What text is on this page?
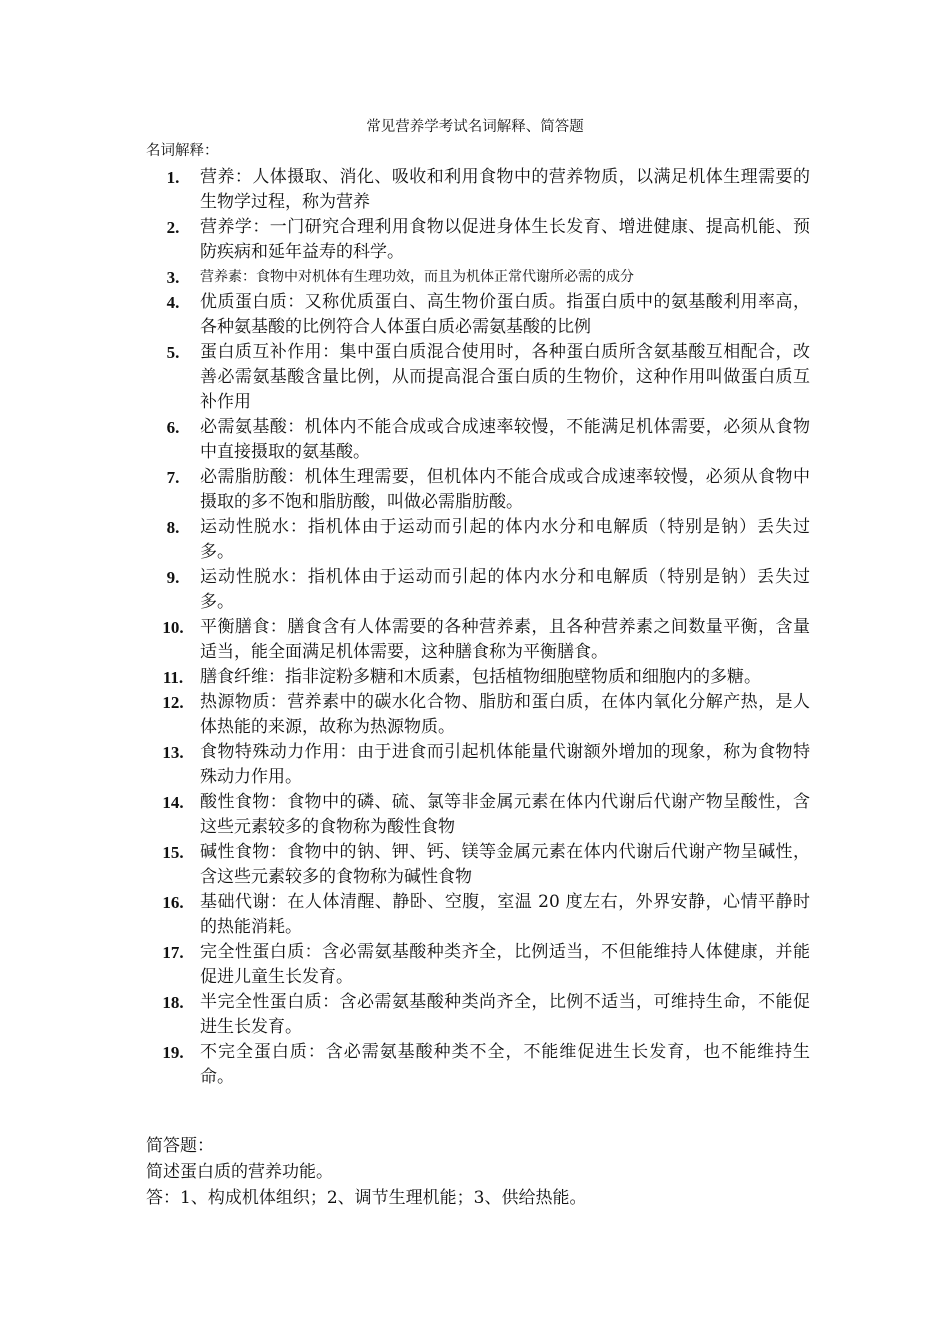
常见营养学考试名词解释、简答题
名词解释：
1.	营养：人体摄取、消化、吸收和利用食物中的营养物质，以满足机体生理需要的生物学过程，称为营养
2.	营养学：一门研究合理利用食物以促进身体生长发育、增进健康、提高机能、预防疾病和延年益寿的科学。
3.	营养素：食物中对机体有生理功效，而且为机体正常代谢所必需的成分
4.	优质蛋白质：又称优质蛋白、高生物价蛋白质。指蛋白质中的氨基酸利用率高，各种氨基酸的比例符合人体蛋白质必需氨基酸的比例
5.	蛋白质互补作用：集中蛋白质混合使用时，各种蛋白质所含氨基酸互相配合，改善必需氨基酸含量比例，从而提高混合蛋白质的生物价，这种作用叫做蛋白质互补作用
6.	必需氨基酸：机体内不能合成或合成速率较慢，不能满足机体需要，必须从食物中直接摄取的氨基酸。
7.	必需脂肪酸：机体生理需要，但机体内不能合成或合成速率较慢，必须从食物中摄取的多不饱和脂肪酸，叫做必需脂肪酸。
8.	运动性脱水：指机体由于运动而引起的体内水分和电解质（特别是钠）丢失过多。
9.	运动性脱水：指机体由于运动而引起的体内水分和电解质（特别是钠）丢失过多。
10. 平衡膳食：膳食含有人体需要的各种营养素，且各种营养素之间数量平衡，含量适当，能全面满足机体需要，这种膳食称为平衡膳食。
11. 膳食纤维：指非淀粉多糖和木质素，包括植物细胞壁物质和细胞内的多糖。
12. 热源物质：营养素中的碳水化合物、脂肪和蛋白质，在体内氧化分解产热，是人体热能的来源，故称为热源物质。
13. 食物特殊动力作用：由于进食而引起机体能量代谢额外增加的现象，称为食物特殊动力作用。
14. 酸性食物：食物中的磷、硫、氯等非金属元素在体内代谢后代谢产物呈酸性，含这些元素较多的食物称为酸性食物
15. 碱性食物：食物中的钠、钾、钙、镁等金属元素在体内代谢后代谢产物呈碱性，含这些元素较多的食物称为碱性食物
16. 基础代谢：在人体清醒、静卧、空腹，室温 20 度左右，外界安静，心情平静时的热能消耗。
17. 完全性蛋白质：含必需氨基酸种类齐全，比例适当，不但能维持人体健康，并能促进儿童生长发育。
18. 半完全性蛋白质：含必需氨基酸种类尚齐全，比例不适当，可维持生命，不能促进生长发育。
19. 不完全蛋白质：含必需氨基酸种类不全，不能维促进生长发育，也不能维持生命。
简答题：
简述蛋白质的营养功能。
答：1、构成机体组织；2、调节生理机能；3、供给热能。
